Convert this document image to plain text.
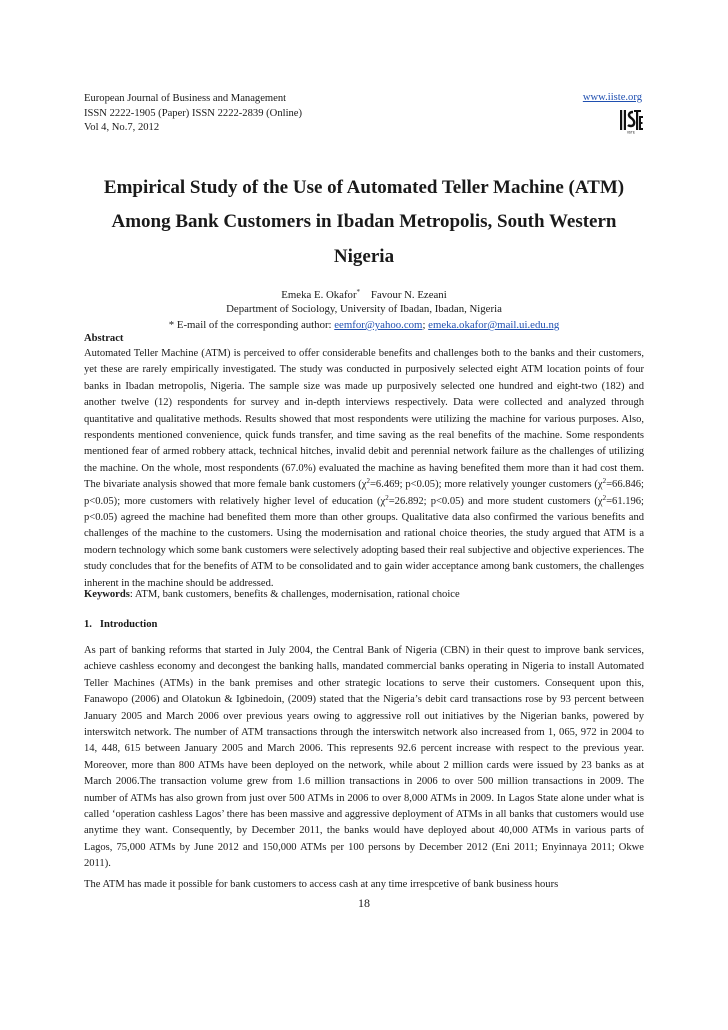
European Journal of Business and Management
ISSN 2222-1905 (Paper) ISSN 2222-2839 (Online)
Vol 4, No.7, 2012
www.iiste.org
IISTE
Empirical Study of the Use of Automated Teller Machine (ATM)
Among Bank Customers in Ibadan Metropolis, South Western
Nigeria
Emeka E. Okafor* Favour N. Ezeani
Department of Sociology, University of Ibadan, Ibadan, Nigeria
* E-mail of the corresponding author: eemfor@yahoo.com; emeka.okafor@mail.ui.edu.ng
Abstract
Automated Teller Machine (ATM) is perceived to offer considerable benefits and challenges both to the banks and their customers, yet these are rarely empirically investigated. The study was conducted in purposively selected eight ATM location points of four banks in Ibadan metropolis, Nigeria. The sample size was made up purposively selected one hundred and eight-two (182) and another twelve (12) respondents for survey and in-depth interviews respectively. Data were collected and analyzed through quantitative and qualitative methods. Results showed that most respondents were utilizing the machine for various purposes. Also, respondents mentioned convenience, quick funds transfer, and time saving as the real benefits of the machine. Some respondents mentioned fear of armed robbery attack, technical hitches, invalid debit and perennial network failure as the challenges of utilizing the machine. On the whole, most respondents (67.0%) evaluated the machine as having benefited them more than it had cost them. The bivariate analysis showed that more female bank customers ($\chi^2=6.469$; p<0.05); more relatively younger customers ($\chi^2=66.846$; p<0.05); more customers with relatively higher level of education ($\chi^2=26.892$; p<0.05) and more student customers ($\chi^2=61.196$; p<0.05) agreed the machine had benefited them more than other groups. Qualitative data also confirmed the various benefits and challenges of the machine to the customers. Using the modernisation and rational choice theories, the study argued that ATM is a modern technology which some bank customers were selectively adopting based their real subjective and objective experiences. The study concludes that for the benefits of ATM to be consolidated and to gain wider acceptance among bank customers, the challenges inherent in the machine should be addressed.
Keywords: ATM, bank customers, benefits & challenges, modernisation, rational choice
1.   Introduction
As part of banking reforms that started in July 2004, the Central Bank of Nigeria (CBN) in their quest to improve bank services, achieve cashless economy and decongest the banking halls, mandated commercial banks operating in Nigeria to install Automated Teller Machines (ATMs) in the bank premises and other strategic locations to serve their customers. Consequent upon this, Fanawopo (2006) and Olatokun & Igbinedoin, (2009) stated that the Nigeria’s debit card transactions rose by 93 percent between January 2005 and March 2006 over previous years owing to aggressive roll out initiatives by the Nigerian banks, powered by interswitch network. The number of ATM transactions through the interswitch network also increased from 1, 065, 972 in 2004 to 14, 448, 615 between January 2005 and March 2006. This represents 92.6 percent increase with respect to the previous year. Moreover, more than 800 ATMs have been deployed on the network, while about 2 million cards were issued by 23 banks as at March 2006.The transaction volume grew from 1.6 million transactions in 2006 to over 500 million transactions in 2009. The number of ATMs has also grown from just over 500 ATMs in 2006 to over 8,000 ATMs in 2009. In Lagos State alone under what is called ‘operation cashless Lagos’ there has been massive and aggressive deployment of ATMs in all banks that customers would use anytime they want. Consequently, by December 2011, the banks would have deployed about 40,000 ATMs in various parts of Lagos, 75,000 ATMs by June 2012 and 150,000 ATMs per 100 persons by December 2012 (Eni 2011; Enyinnaya 2011; Okwe 2011).
The ATM has made it possible for bank customers to access cash at any time irrespcetive of bank business hours
18
